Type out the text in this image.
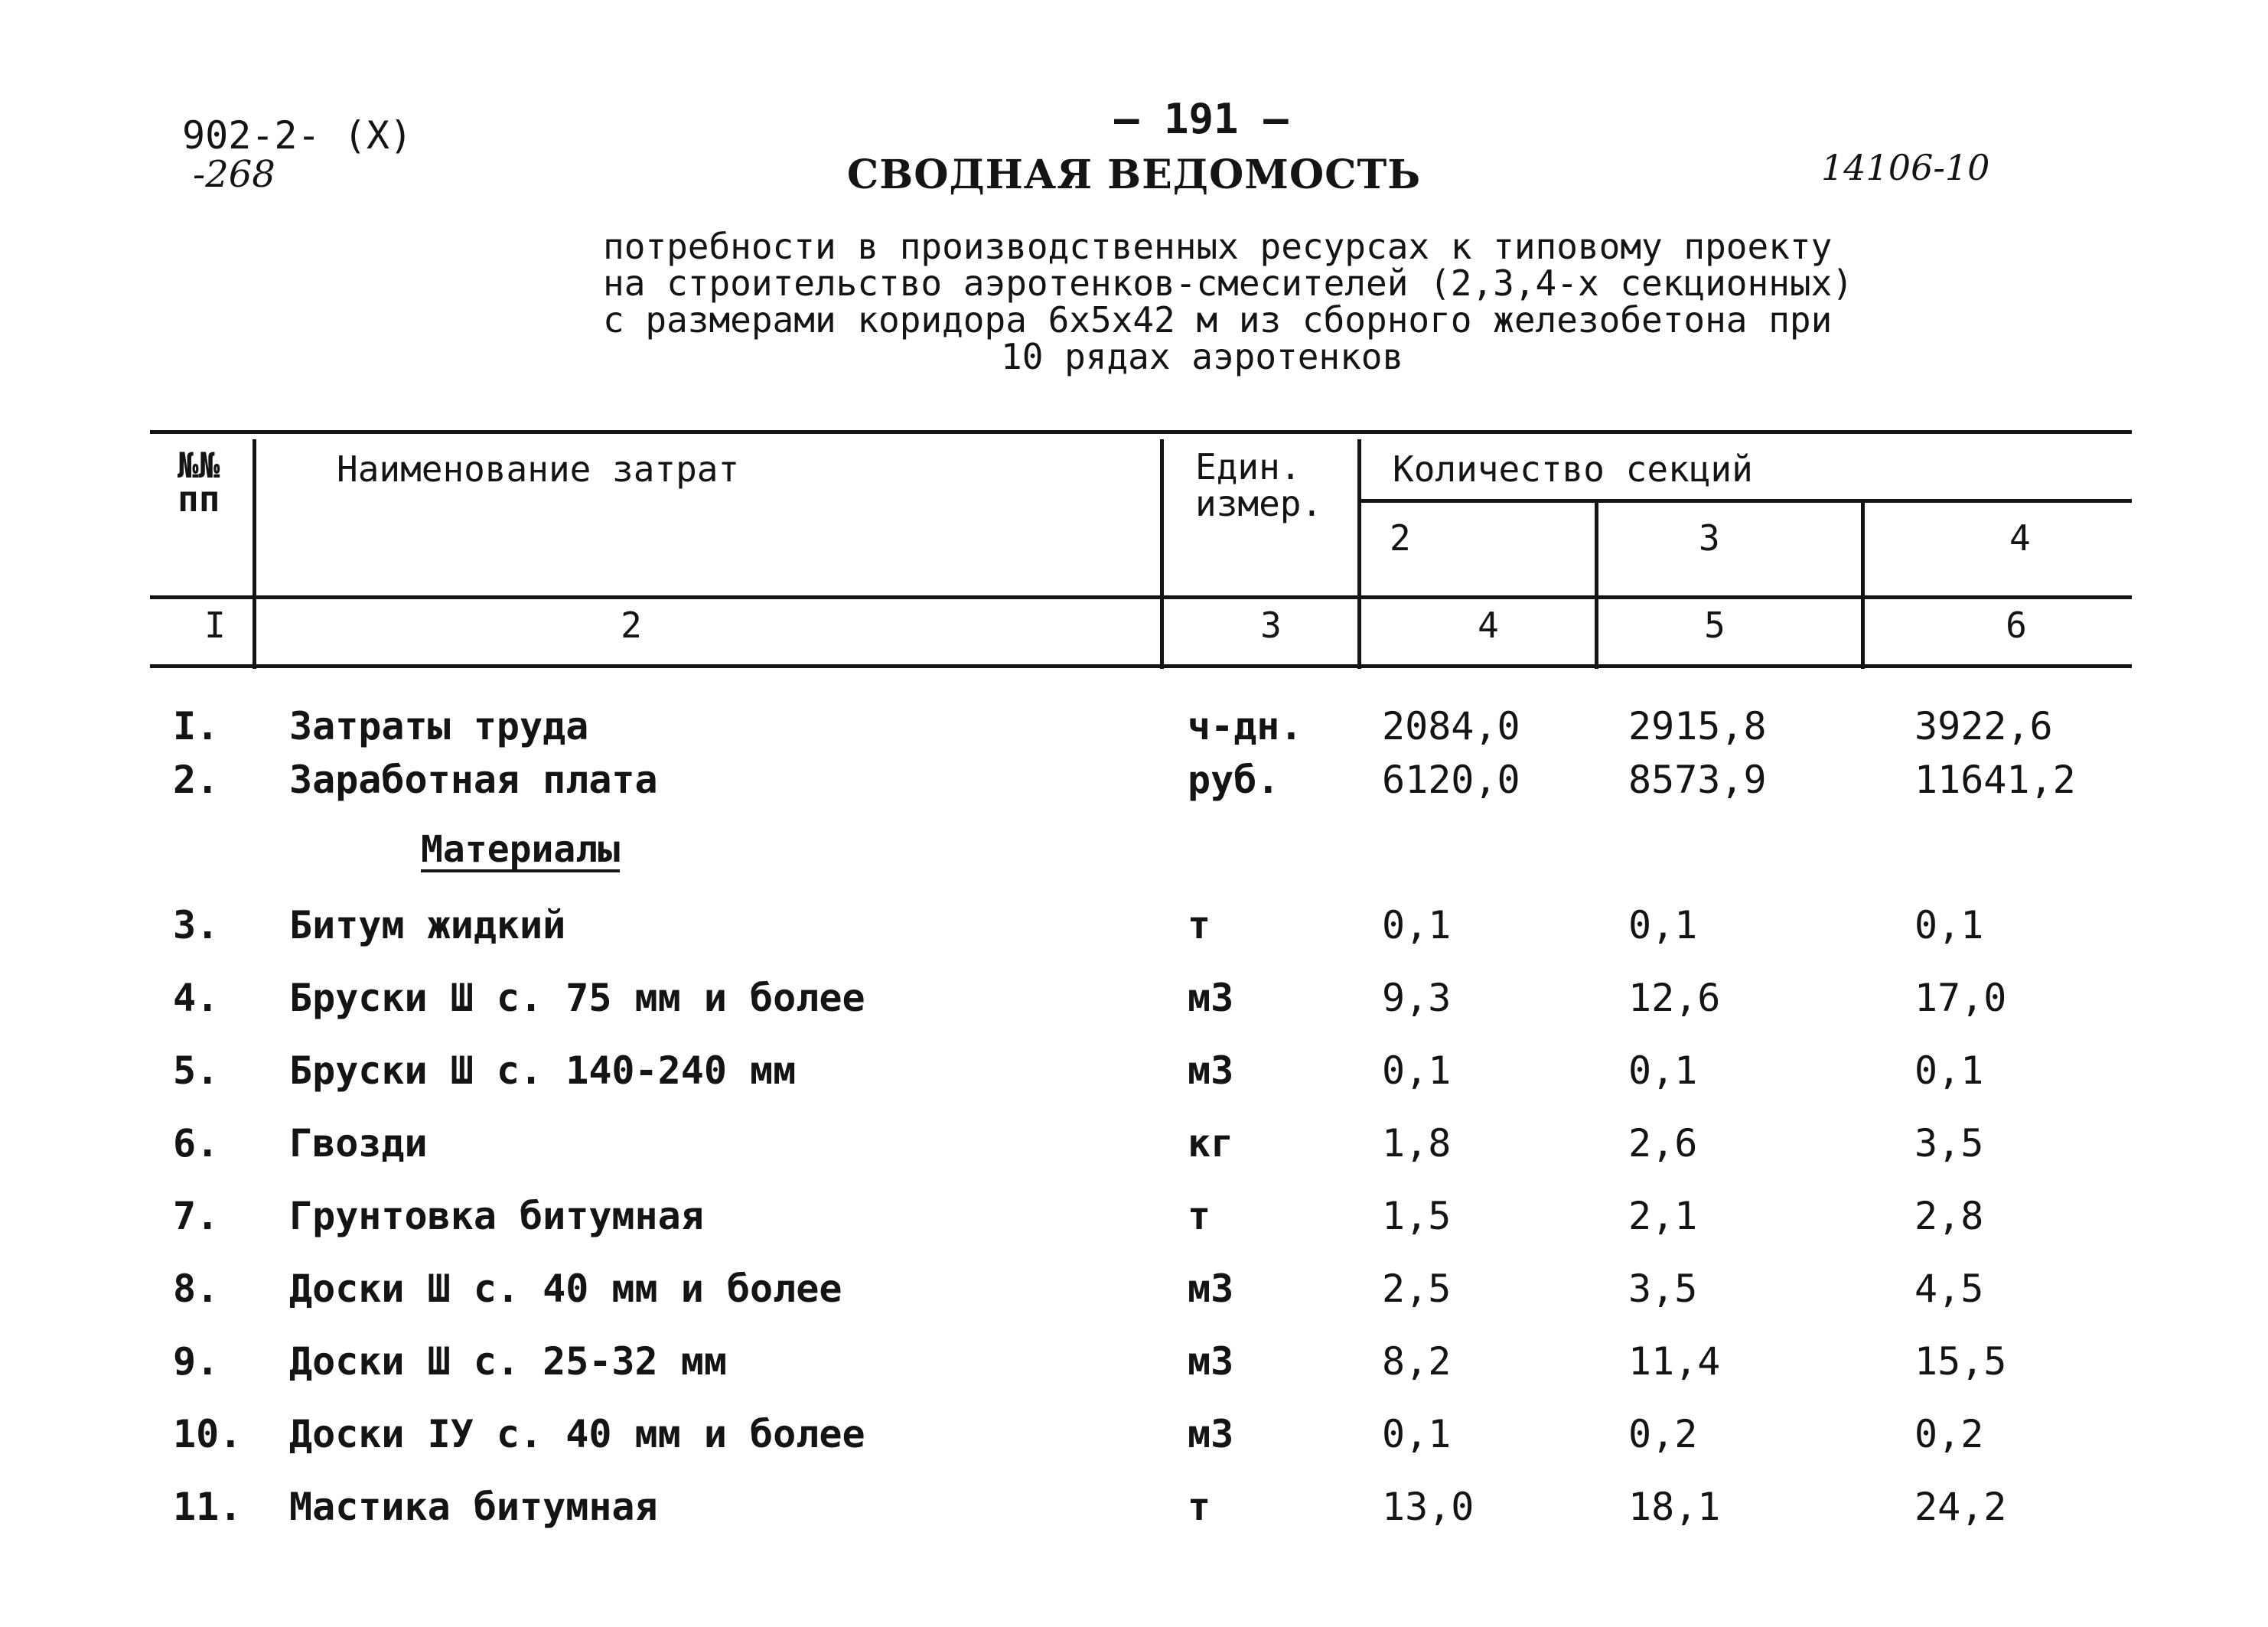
902-2- (X)
-268
– 191 –
СВОДНАЯ ВЕДОМОСТЬ	14106-10
потребности в производственных ресурсах к типовому проекту
на строительство аэротенков-смесителей (2,3,4-х секционных)
с размерами коридора 6х5х42 м из сборного железобетона при
10 рядах аэротенков
№№ пп
Наименование затрат	Един. измер.
Количество секций
2	3	4
I	2	3	4	5	6
I. Затраты труда	ч-дн. 2084,0	2915,8	3922,6
2. Заработная плата	руб.	6120,0	8573,9	11641,2
Материалы
3. Битум жидкий	т	0,1	0,1	0,1
4. Бруски Ш с. 75 мм и более	м3	9,3	12,6	17,0
5. Бруски Ш с. 140-240 мм	м3	0,1	0,1	0,1
6. Гвозди	кг	1,8	2,6	3,5
7. Грунтовка битумная	т	1,5	2,1	2,8
8. Доски Ш с. 40 мм и более	м3	2,5	3,5	4,5
9. Доски Ш с. 25-32 мм	м3	8,2	11,4	15,5
10. Доски IУ с. 40 мм и более	м3	0,1	0,2	0,2
11. Мастика битумная	т	13,0	18,1	24,2
